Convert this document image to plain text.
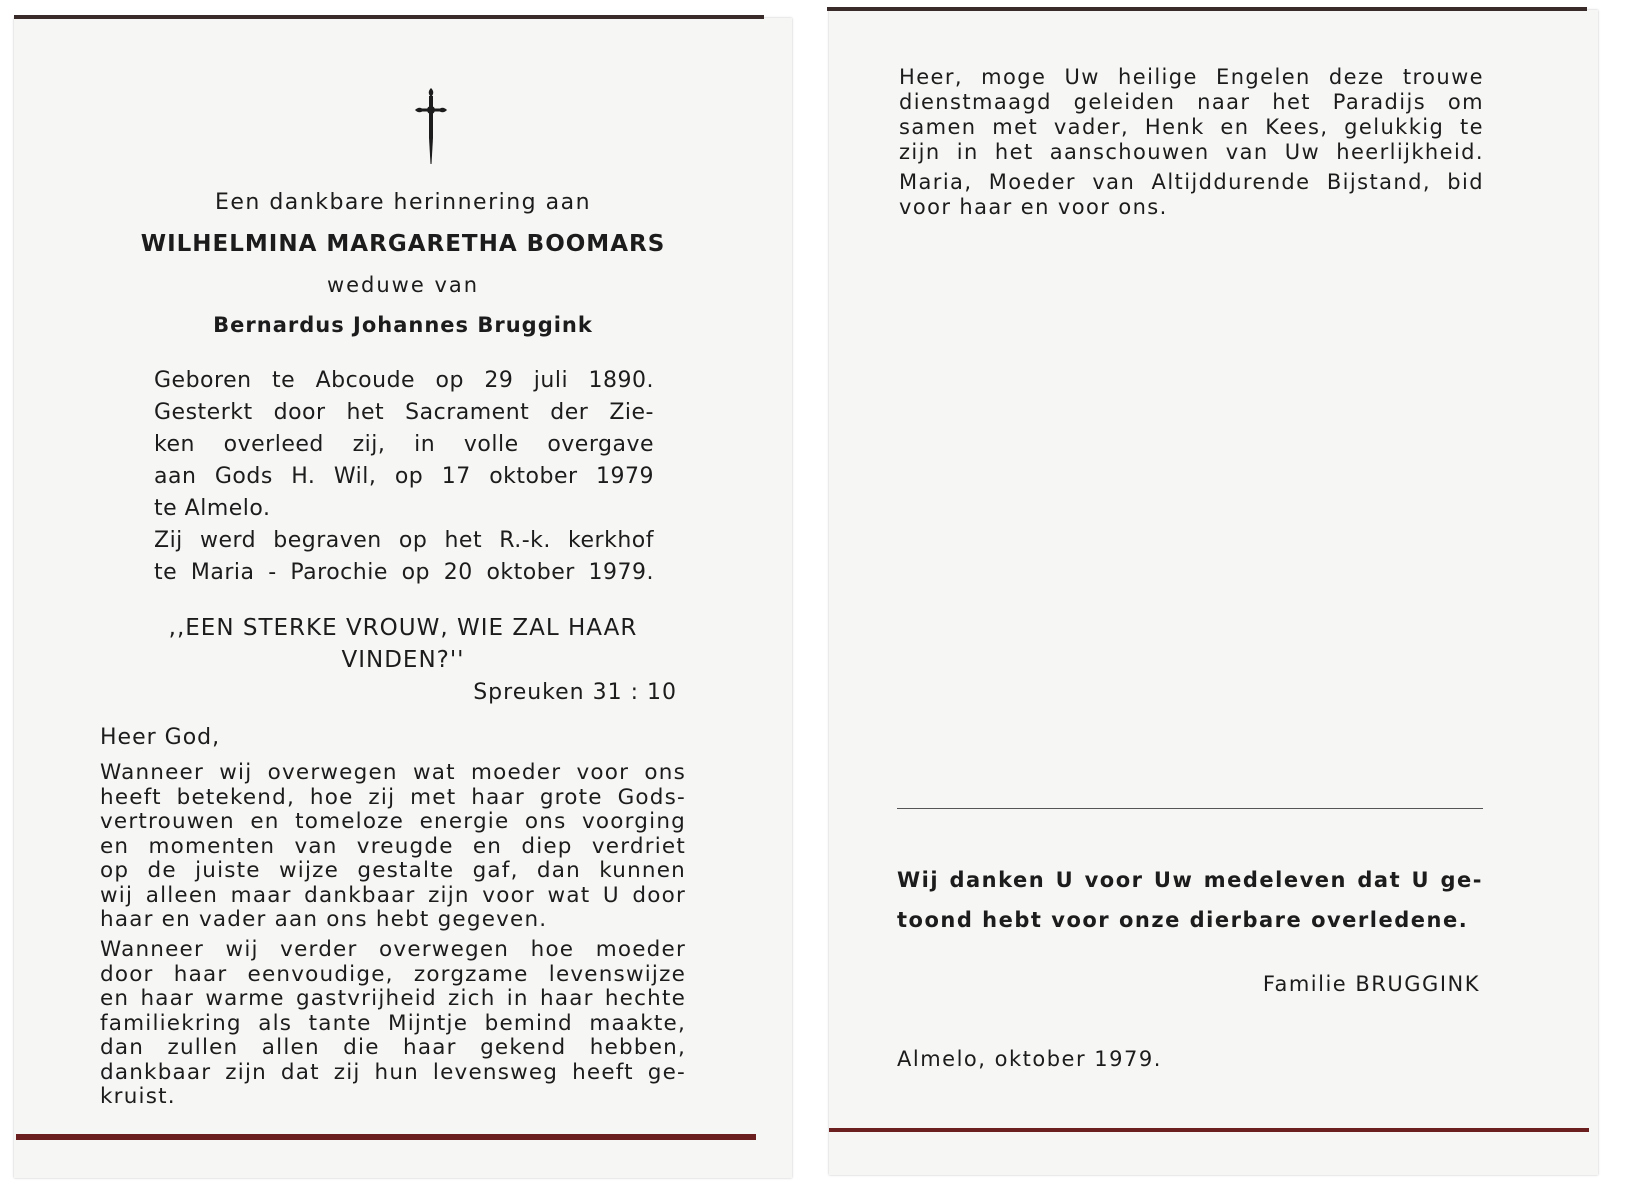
Een dankbare herinnering aan

WILHELMINA MARGARETHA BOOMARS

weduwe van

Bernardus Johannes Bruggink

Geboren te Abcoude op 29 juli 1890.
Gesterkt door het Sacrament der Zie-
ken overleed zij, in volle overgave
aan Gods H. Wil, op 17 oktober 1979
te Almelo.
Zij werd begraven op het R.-k. kerkhof
te Maria - Parochie op 20 oktober 1979.
,,EEN STERKE VROUW, WIE ZAL HAAR
VINDEN?''

Spreuken 31 : 10

Heer God,

Wanneer wij overwegen wat moeder voor ons
heeft betekend, hoe zij met haar grote Gods-
vertrouwen en tomeloze energie ons voorging
en momenten van vreugde en diep verdriet
op de juiste wijze gestalte gaf, dan kunnen
wij alleen maar dankbaar zijn voor wat U door
haar en vader aan ons hebt gegeven.
Wanneer wij verder overwegen hoe moeder
door haar eenvoudige, zorgzame levenswijze
en haar warme gastvrijheid zich in haar hechte
familiekring als tante Mijntje bemind maakte,
dan zullen allen die haar gekend hebben,
dankbaar zijn dat zij hun levensweg heeft ge-
kruist.
Heer, moge Uw heilige Engelen deze trouwe
dienstmaagd geleiden naar het Paradijs om
samen met vader, Henk en Kees, gelukkig te
zijn in het aanschouwen van Uw heerlijkheid.
Maria, Moeder van Altijddurende Bijstand, bid
voor haar en voor ons.
Wij danken U voor Uw medeleven dat U ge-
toond hebt voor onze dierbare overledene.

Familie BRUGGINK

Almelo, oktober 1979.
